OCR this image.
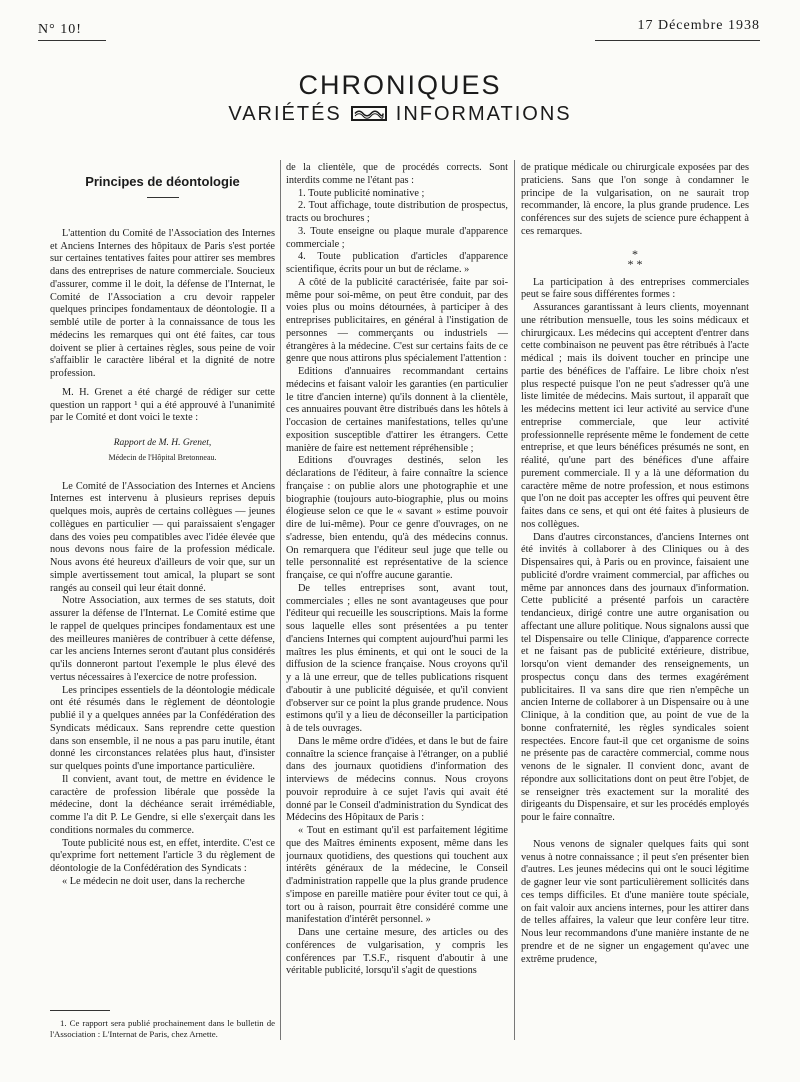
N° 10!	17 Décembre 1938
CHRONIQUES
VARIÉTÉS	INFORMATIONS
Principes de déontologie

L'attention du Comité de l'Association des Internes et Anciens Internes des hôpitaux de Paris s'est portée sur certaines tentatives faites pour attirer ses membres dans des entreprises de nature commerciale. Soucieux d'assurer, comme il le doit, la défense de l'Internat, le Comité de l'Association a cru devoir rappeler quelques principes fondamentaux de déontologie. Il a semblé utile de porter à la connaissance de tous les médecins les remarques qui ont été faites, car tous doivent se plier à certaines règles, sous peine de voir s'affaiblir le caractère libéral et la dignité de notre profession.

M. H. Grenet a été chargé de rédiger sur cette question un rapport ¹ qui a été approuvé à l'unanimité par le Comité et dont voici le texte :

Rapport de M. H. Grenet,
Médecin de l'Hôpital Bretonneau.

Le Comité de l'Association des Internes et Anciens Internes est intervenu à plusieurs reprises depuis quelques mois, auprès de certains collègues — jeunes collègues en particulier — qui paraissaient s'engager dans des voies peu compatibles avec l'idée élevée que nous devons nous faire de la profession médicale. Nous avons été heureux d'ailleurs de voir que, sur un simple avertissement tout amical, la plupart se sont rangés au conseil qui leur était donné.

Notre Association, aux termes de ses statuts, doit assurer la défense de l'Internat. Le Comité estime que le rappel de quelques principes fondamentaux est une des meilleures manières de contribuer à cette défense, car les anciens Internes seront d'autant plus considérés qu'ils donneront partout l'exemple le plus élevé des vertus nécessaires à l'exercice de notre profession.

Les principes essentiels de la déontologie médicale ont été résumés dans le règlement de déontologie publié il y a quelques années par la Confédération des Syndicats médicaux. Sans reprendre cette question dans son ensemble, il ne nous a pas paru inutile, étant donné les circonstances relatées plus haut, d'insister sur quelques points d'une importance particulière.

Il convient, avant tout, de mettre en évidence le caractère de profession libérale que possède la médecine, dont la déchéance serait irrémédiable, comme l'a dit P. Le Gendre, si elle s'exerçait dans les conditions normales du commerce.

Toute publicité nous est, en effet, interdite. C'est ce qu'exprime fort nettement l'article 3 du règlement de déontologie de la Confédération des Syndicats :

« Le médecin ne doit user, dans la recherche

1. Ce rapport sera publié prochainement dans le bulletin de l'Association : L'Internat de Paris, chez Arnette.

de la clientèle, que de procédés corrects. Sont interdits comme ne l'étant pas :

1. Toute publicité nominative ;

2. Tout affichage, toute distribution de prospectus, tracts ou brochures ;

3. Toute enseigne ou plaque murale d'apparence commerciale ;

4. Toute publication d'articles d'apparence scientifique, écrits pour un but de réclame. »

A côté de la publicité caractérisée, faite par soi-même pour soi-même, on peut être conduit, par des voies plus ou moins détournées, à participer à des entreprises publicitaires, en général à l'instigation de personnes — commerçants ou industriels — étrangères à la médecine. C'est sur certains faits de ce genre que nous attirons plus spécialement l'attention :

Editions d'annuaires recommandant certains médecins et faisant valoir les garanties (en particulier le titre d'ancien interne) qu'ils donnent à la clientèle, ces annuaires pouvant être distribués dans les hôtels à l'occasion de certaines manifestations, telles qu'une exposition susceptible d'attirer les étrangers. Cette manière de faire est nettement répréhensible ;

Editions d'ouvrages destinés, selon les déclarations de l'éditeur, à faire connaître la science française : on publie alors une photographie et une biographie (toujours auto-biographie, plus ou moins élogieuse selon ce que le « savant » estime pouvoir dire de lui-même). Pour ce genre d'ouvrages, on ne s'adresse, bien entendu, qu'à des médecins connus. On remarquera que l'éditeur seul juge que telle ou telle personnalité est représentative de la science française, ce qui n'offre aucune garantie.

De telles entreprises sont, avant tout, commerciales ; elles ne sont avantageuses que pour l'éditeur qui recueille les souscriptions. Mais la forme sous laquelle elles sont présentées a pu tenter d'anciens Internes qui comptent aujourd'hui parmi les maîtres les plus éminents, et qui ont le souci de la diffusion de la science française. Nous croyons qu'il y a là une erreur, que de telles publications risquent d'aboutir à une publicité déguisée, et qu'il convient d'observer sur ce point la plus grande prudence. Nous estimons qu'il y a lieu de déconseiller la participation à de tels ouvrages.

Dans le même ordre d'idées, et dans le but de faire connaître la science française à l'étranger, on a publié dans des journaux quotidiens d'information des interviews de médecins connus. Nous croyons pouvoir reproduire à ce sujet l'avis qui avait été donné par le Conseil d'administration du Syndicat des Médecins des Hôpitaux de Paris :

« Tout en estimant qu'il est parfaitement légitime que des Maîtres éminents exposent, même dans les journaux quotidiens, des questions qui touchent aux intérêts généraux de la médecine, le Conseil d'administration rappelle que la plus grande prudence s'impose en pareille matière pour éviter tout ce qui, à tort ou à raison, pourrait être considéré comme une manifestation d'intérêt personnel. »

Dans une certaine mesure, des articles ou des conférences de vulgarisation, y compris les conférences par T.S.F., risquent d'aboutir à une véritable publicité, lorsqu'il s'agit de questions

de pratique médicale ou chirurgicale exposées par des praticiens. Sans que l'on songe à condamner le principe de la vulgarisation, on ne saurait trop recommander, là encore, la plus grande prudence. Les conférences sur des sujets de science pure échappent à ces remarques.

*
* *

La participation à des entreprises commerciales peut se faire sous différentes formes :

Assurances garantissant à leurs clients, moyennant une rétribution mensuelle, tous les soins médicaux et chirurgicaux. Les médecins qui acceptent d'entrer dans cette combinaison ne peuvent pas être rétribués à l'acte médical ; mais ils doivent toucher en principe une partie des bénéfices de l'affaire. Le libre choix n'est plus respecté puisque l'on ne peut s'adresser qu'à une liste limitée de médecins. Mais surtout, il apparaît que les médecins mettent ici leur activité au service d'une entreprise commerciale, que leur activité professionnelle représente même le fondement de cette entreprise, et que leurs bénéfices présumés ne sont, en réalité, qu'une part des bénéfices d'une affaire purement commerciale. Il y a là une déformation du caractère même de notre profession, et nous estimons que l'on ne doit pas accepter les offres qui peuvent être faites dans ce sens, et qui ont été faites à plusieurs de nos collègues.

Dans d'autres circonstances, d'anciens Internes ont été invités à collaborer à des Cliniques ou à des Dispensaires qui, à Paris ou en province, faisaient une publicité d'ordre vraiment commercial, par affiches ou même par annonces dans des journaux d'information. Cette publicité a présenté parfois un caractère tendancieux, dirigé contre une autre organisation ou affectant une allure politique. Nous signalons aussi que tel Dispensaire ou telle Clinique, d'apparence correcte et ne faisant pas de publicité extérieure, distribue, lorsqu'on vient demander des renseignements, un prospectus conçu dans des termes exagérément publicitaires. Il va sans dire que rien n'empêche un ancien Interne de collaborer à un Dispensaire ou à une Clinique, à la condition que, au point de vue de la bonne confraternité, les règles syndicales soient respectées. Encore faut-il que cet organisme de soins ne présente pas de caractère commercial, comme nous venons de le signaler. Il convient donc, avant de répondre aux sollicitations dont on peut être l'objet, de se renseigner très exactement sur la moralité des dirigeants du Dispensaire, et sur les procédés employés pour le faire connaître.

Nous venons de signaler quelques faits qui sont venus à notre connaissance ; il peut s'en présenter bien d'autres. Les jeunes médecins qui ont le souci légitime de gagner leur vie sont particulièrement sollicités dans ces temps difficiles. Et d'une manière toute spéciale, on fait valoir aux anciens internes, pour les attirer dans de telles affaires, la valeur que leur confère leur titre. Nous leur recommandons d'une manière instante de ne prendre et de ne signer un engagement qu'avec une extrême prudence,
